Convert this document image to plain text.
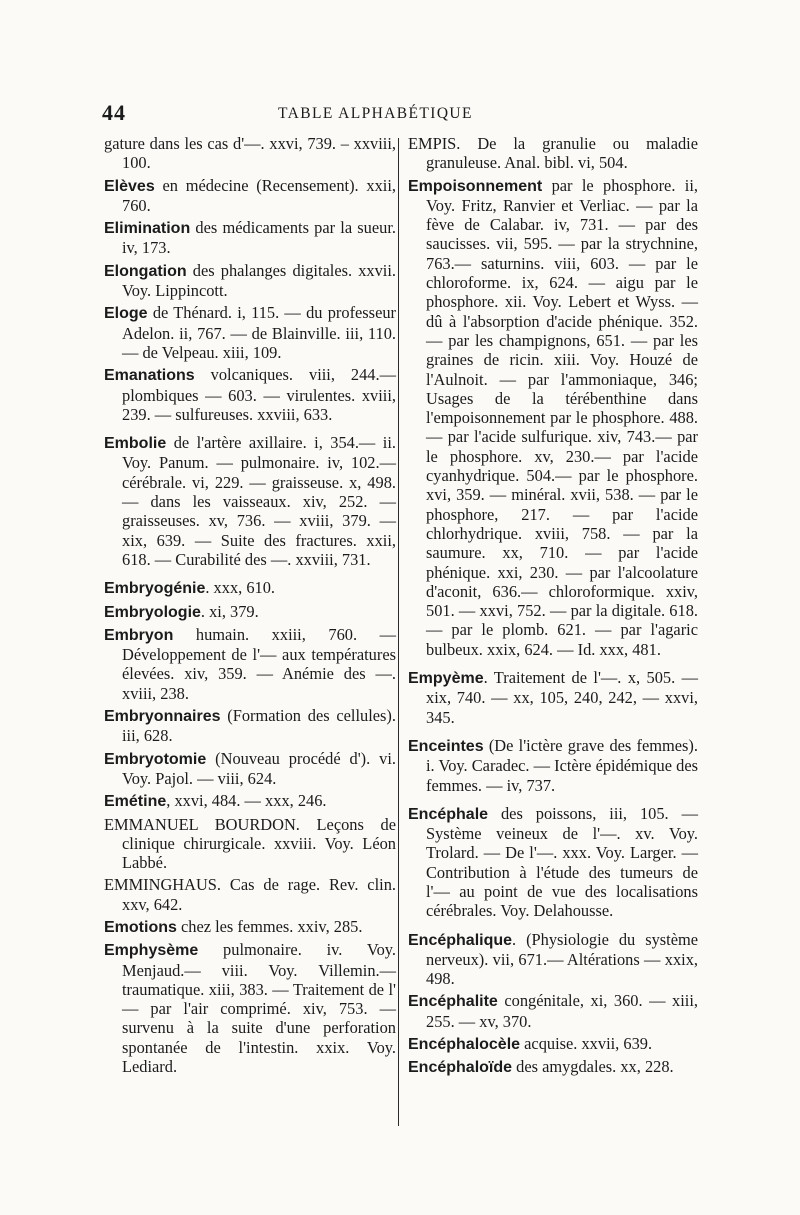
44	TABLE ALPHABÉTIQUE

gature dans les cas d'—. xxvi, 739. – xxviii, 100.

Elèves en médecine (Recensement). xxii, 760.

Elimination des médicaments par la sueur. iv, 173.

Elongation des phalanges digitales. xxvii. Voy. Lippincott.

Eloge de Thénard. i, 115. — du professeur Adelon. ii, 767. — de Blainville. iii, 110. — de Velpeau. xiii, 109.

Emanations volcaniques. viii, 244.— plombiques — 603. — virulentes. xviii, 239. — sulfureuses. xxviii, 633.

Embolie de l'artère axillaire. i, 354.— ii. Voy. Panum. — pulmonaire. iv, 102.— cérébrale. vi, 229. — graisseuse. x, 498.— dans les vaisseaux. xiv, 252. — graisseuses. xv, 736. — xviii, 379. — xix, 639. — Suite des fractures. xxii, 618. — Curabilité des —. xxviii, 731.

Embryogénie. xxx, 610.

Embryologie. xi, 379.

Embryon humain. xxiii, 760. — Développement de l'— aux températures élevées. xiv, 359. — Anémie des —. xviii, 238.

Embryonnaires (Formation des cellules). iii, 628.

Embryotomie (Nouveau procédé d'). vi. Voy. Pajol. — viii, 624.

Emétine, xxvi, 484. — xxx, 246.

EMMANUEL BOURDON. Leçons de clinique chirurgicale. xxviii. Voy. Léon Labbé.

EMMINGHAUS. Cas de rage. Rev. clin. xxv, 642.

Emotions chez les femmes. xxiv, 285.

Emphysème pulmonaire. iv. Voy. Menjaud.— viii. Voy. Villemin.— traumatique. xiii, 383. — Traitement de l' — par l'air comprimé. xiv, 753. — survenu à la suite d'une perforation spontanée de l'intestin. xxix. Voy. Lediard.

EMPIS. De la granulie ou maladie granuleuse. Anal. bibl. vi, 504.

Empoisonnement par le phosphore. ii, Voy. Fritz, Ranvier et Verliac. — par la fève de Calabar. iv, 731. — par des saucisses. vii, 595. — par la strychnine, 763.— saturnins. viii, 603. — par le chloroforme. ix, 624. — aigu par le phosphore. xii. Voy. Lebert et Wyss. — dû à l'absorption d'acide phénique. 352. — par les champignons, 651. — par les graines de ricin. xiii. Voy. Houzé de l'Aulnoit. — par l'ammoniaque, 346; Usages de la térébenthine dans l'empoisonnement par le phosphore. 488. — par l'acide sulfurique. xiv, 743.— par le phosphore. xv, 230.— par l'acide cyanhydrique. 504.— par le phosphore. xvi, 359. — minéral. xvii, 538. — par le phosphore, 217. — par l'acide chlorhydrique. xviii, 758. — par la saumure. xx, 710. — par l'acide phénique. xxi, 230. — par l'alcoolature d'aconit, 636.— chloroformique. xxiv, 501. — xxvi, 752. — par la digitale. 618. — par le plomb. 621. — par l'agaric bulbeux. xxix, 624. — Id. xxx, 481.

Empyème. Traitement de l'—. x, 505. — xix, 740. — xx, 105, 240, 242, — xxvi, 345.

Enceintes (De l'ictère grave des femmes). i. Voy. Caradec. — Ictère épidémique des femmes. — iv, 737.

Encéphale des poissons, iii, 105. — Système veineux de l'—. xv. Voy. Trolard. — De l'—. xxx. Voy. Larger. — Contribution à l'étude des tumeurs de l'— au point de vue des localisations cérébrales. Voy. Delahousse.

Encéphalique. (Physiologie du système nerveux). vii, 671.— Altérations — xxix, 498.

Encéphalite congénitale, xi, 360. — xiii, 255. — xv, 370.

Encéphalocèle acquise. xxvii, 639.

Encéphaloïde des amygdales. xx, 228.
